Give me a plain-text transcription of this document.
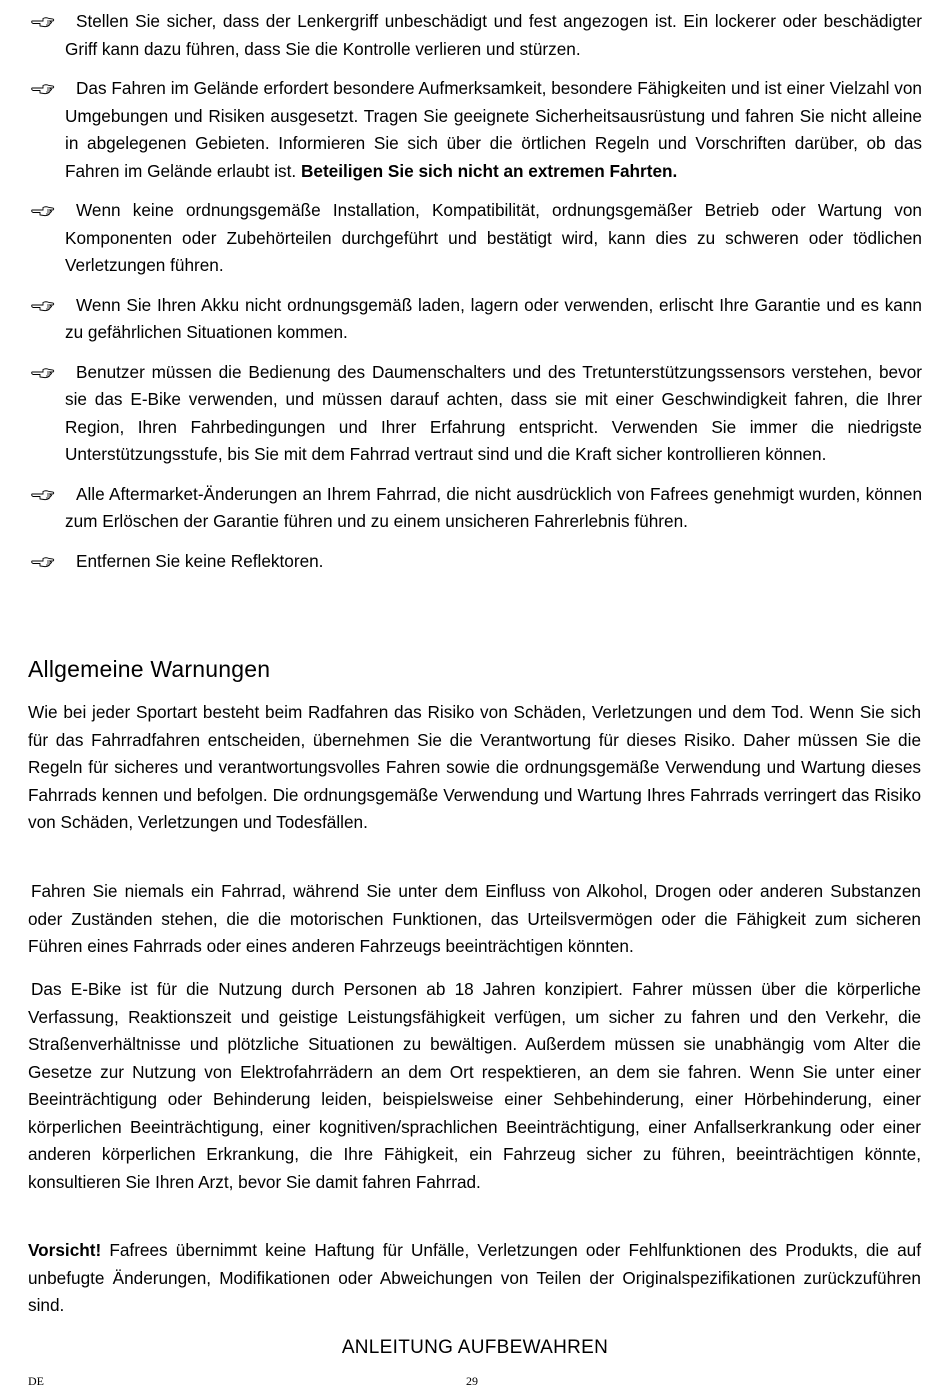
Stellen Sie sicher, dass der Lenkergriff unbeschädigt und fest angezogen ist. Ein lockerer oder beschädigter Griff kann dazu führen, dass Sie die Kontrolle verlieren und stürzen.
Das Fahren im Gelände erfordert besondere Aufmerksamkeit, besondere Fähigkeiten und ist einer Vielzahl von Umgebungen und Risiken ausgesetzt. Tragen Sie geeignete Sicherheitsausrüstung und fahren Sie nicht alleine in abgelegenen Gebieten. Informieren Sie sich über die örtlichen Regeln und Vorschriften darüber, ob das Fahren im Gelände erlaubt ist. Beteiligen Sie sich nicht an extremen Fahrten.
Wenn keine ordnungsgemäße Installation, Kompatibilität, ordnungsgemäßer Betrieb oder Wartung von Komponenten oder Zubehörteilen durchgeführt und bestätigt wird, kann dies zu schweren oder tödlichen Verletzungen führen.
Wenn Sie Ihren Akku nicht ordnungsgemäß laden, lagern oder verwenden, erlischt Ihre Garantie und es kann zu gefährlichen Situationen kommen.
Benutzer müssen die Bedienung des Daumenschalters und des Tretunterstützungssensors verstehen, bevor sie das E-Bike verwenden, und müssen darauf achten, dass sie mit einer Geschwindigkeit fahren, die Ihrer Region, Ihren Fahrbedingungen und Ihrer Erfahrung entspricht. Verwenden Sie immer die niedrigste Unterstützungsstufe, bis Sie mit dem Fahrrad vertraut sind und die Kraft sicher kontrollieren können.
Alle Aftermarket-Änderungen an Ihrem Fahrrad, die nicht ausdrücklich von Fafrees genehmigt wurden, können zum Erlöschen der Garantie führen und zu einem unsicheren Fahrerlebnis führen.
Entfernen Sie keine Reflektoren.
Allgemeine Warnungen

Wie bei jeder Sportart besteht beim Radfahren das Risiko von Schäden, Verletzungen und dem Tod. Wenn Sie sich für das Fahrradfahren entscheiden, übernehmen Sie die Verantwortung für dieses Risiko. Daher müssen Sie die Regeln für sicheres und verantwortungsvolles Fahren sowie die ordnungsgemäße Verwendung und Wartung dieses Fahrrads kennen und befolgen. Die ordnungsgemäße Verwendung und Wartung Ihres Fahrrads verringert das Risiko von Schäden, Verletzungen und Todesfällen.

Fahren Sie niemals ein Fahrrad, während Sie unter dem Einfluss von Alkohol, Drogen oder anderen Substanzen oder Zuständen stehen, die die motorischen Funktionen, das Urteilsvermögen oder die Fähigkeit zum sicheren Führen eines Fahrrads oder eines anderen Fahrzeugs beeinträchtigen könnten.

Das E-Bike ist für die Nutzung durch Personen ab 18 Jahren konzipiert. Fahrer müssen über die körperliche Verfassung, Reaktionszeit und geistige Leistungsfähigkeit verfügen, um sicher zu fahren und den Verkehr, die Straßenverhältnisse und plötzliche Situationen zu bewältigen. Außerdem müssen sie unabhängig vom Alter die Gesetze zur Nutzung von Elektrofahrrädern an dem Ort respektieren, an dem sie fahren. Wenn Sie unter einer Beeinträchtigung oder Behinderung leiden, beispielsweise einer Sehbehinderung, einer Hörbehinderung, einer körperlichen Beeinträchtigung, einer kognitiven/sprachlichen Beeinträchtigung, einer Anfallserkrankung oder einer anderen körperlichen Erkrankung, die Ihre Fähigkeit, ein Fahrzeug sicher zu führen, beeinträchtigen könnte, konsultieren Sie Ihren Arzt, bevor Sie damit fahren Fahrrad.

Vorsicht! Fafrees übernimmt keine Haftung für Unfälle, Verletzungen oder Fehlfunktionen des Produkts, die auf unbefugte Änderungen, Modifikationen oder Abweichungen von Teilen der Originalspezifikationen zurückzuführen sind.

ANLEITUNG AUFBEWAHREN
DE	29
